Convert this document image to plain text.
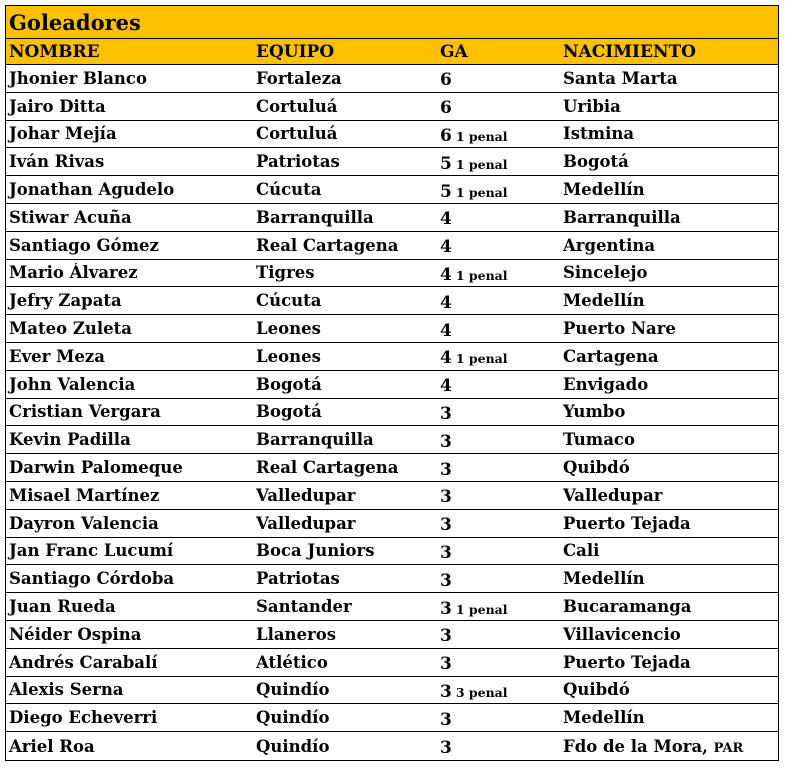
Goleadores
NOMBRE	EQUIPO	GA	NACIMIENTO
Jhonier Blanco	Fortaleza	6	Santa Marta
Jairo Ditta	Cortuluá	6	Uribia
Johar Mejía	Cortuluá	6 1 penal	Istmina
Iván Rivas	Patriotas	5 1 penal	Bogotá
Jonathan Agudelo	Cúcuta	5 1 penal	Medellín
Stiwar Acuña	Barranquilla	4	Barranquilla
Santiago Gómez	Real Cartagena	4	Argentina
Mario Álvarez	Tigres	4 1 penal	Sincelejo
Jefry Zapata	Cúcuta	4	Medellín
Mateo Zuleta	Leones	4	Puerto Nare
Ever Meza	Leones	4 1 penal	Cartagena
John Valencia	Bogotá	4	Envigado
Cristian Vergara	Bogotá	3	Yumbo
Kevin Padilla	Barranquilla	3	Tumaco
Darwin Palomeque	Real Cartagena	3	Quibdó
Misael Martínez	Valledupar	3	Valledupar
Dayron Valencia	Valledupar	3	Puerto Tejada
Jan Franc Lucumí	Boca Juniors	3	Cali
Santiago Córdoba	Patriotas	3	Medellín
Juan Rueda	Santander	3 1 penal	Bucaramanga
Néider Ospina	Llaneros	3	Villavicencio
Andrés Carabalí	Atlético	3	Puerto Tejada
Alexis Serna	Quindío	3 3 penal	Quibdó
Diego Echeverri	Quindío	3	Medellín
Ariel Roa	Quindío	3	Fdo de la Mora, PAR
